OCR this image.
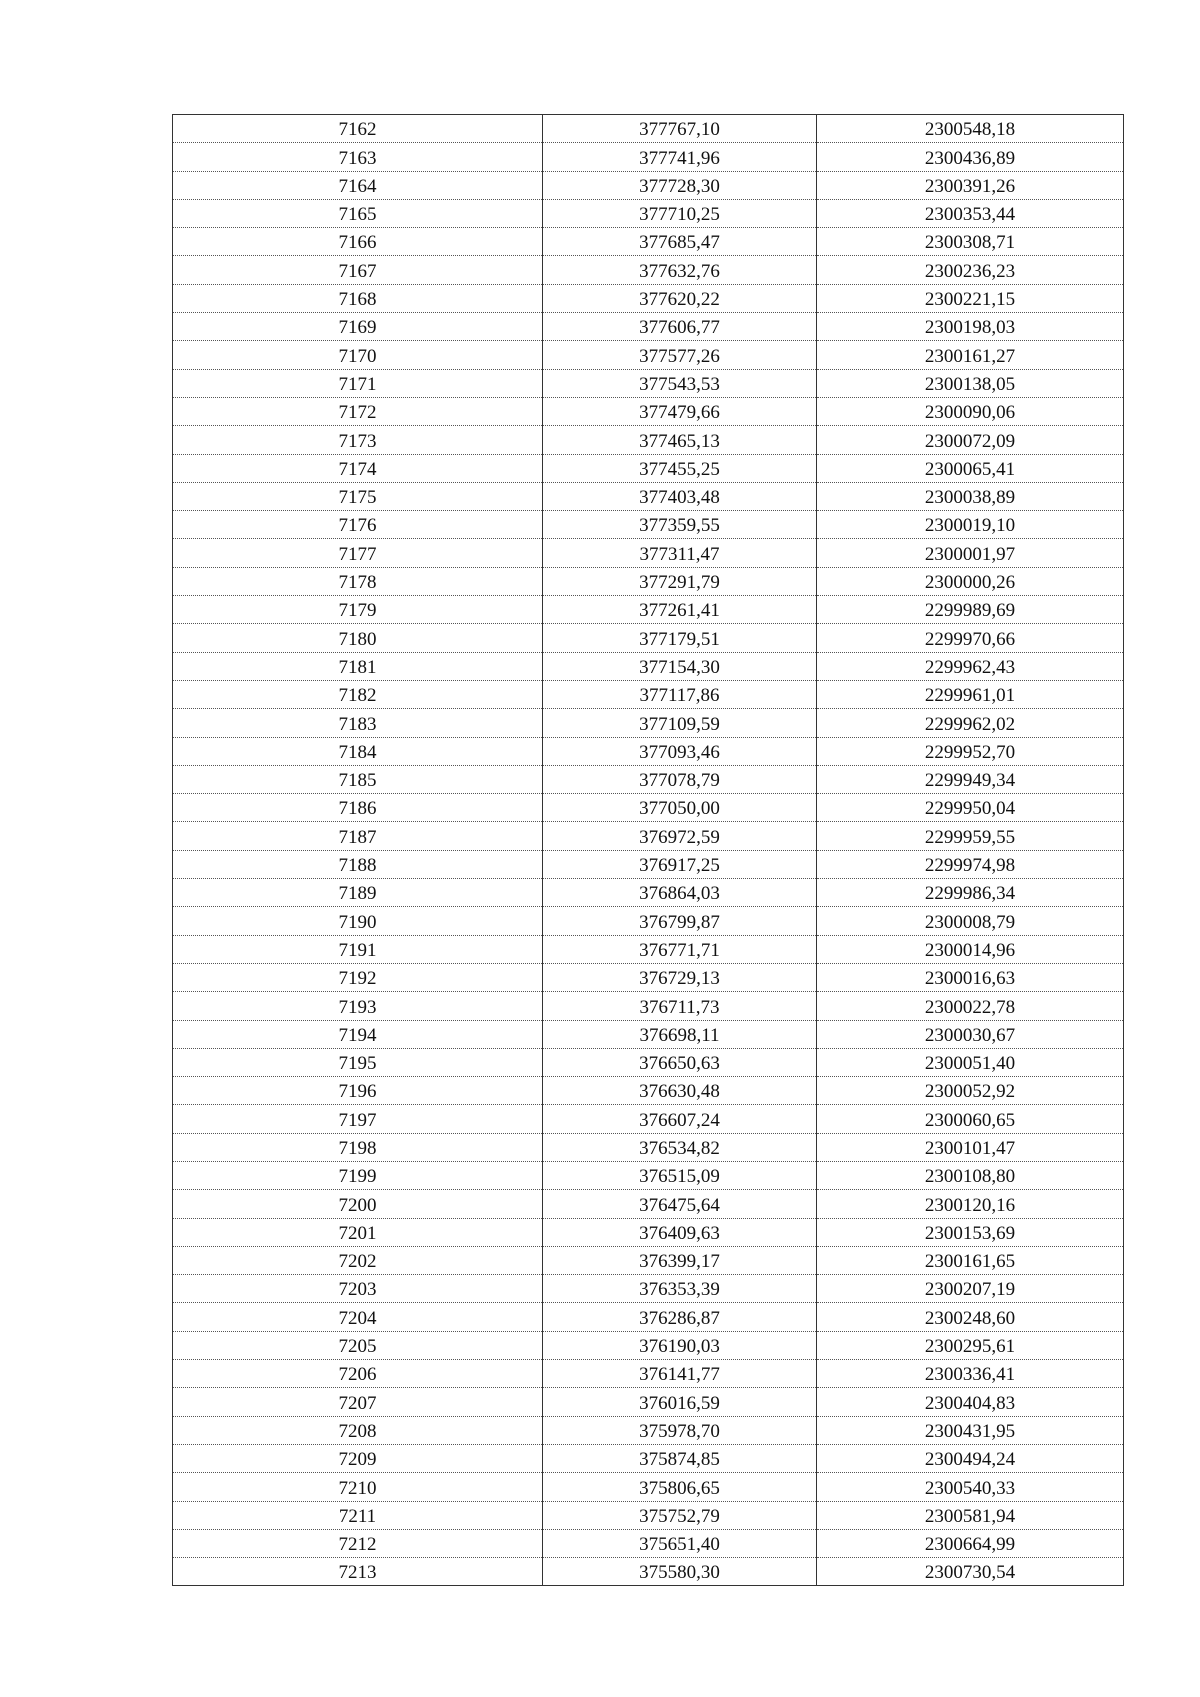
7162	377767,10	2300548,18
7163	377741,96	2300436,89
7164	377728,30	2300391,26
7165	377710,25	2300353,44
7166	377685,47	2300308,71
7167	377632,76	2300236,23
7168	377620,22	2300221,15
7169	377606,77	2300198,03
7170	377577,26	2300161,27
7171	377543,53	2300138,05
7172	377479,66	2300090,06
7173	377465,13	2300072,09
7174	377455,25	2300065,41
7175	377403,48	2300038,89
7176	377359,55	2300019,10
7177	377311,47	2300001,97
7178	377291,79	2300000,26
7179	377261,41	2299989,69
7180	377179,51	2299970,66
7181	377154,30	2299962,43
7182	377117,86	2299961,01
7183	377109,59	2299962,02
7184	377093,46	2299952,70
7185	377078,79	2299949,34
7186	377050,00	2299950,04
7187	376972,59	2299959,55
7188	376917,25	2299974,98
7189	376864,03	2299986,34
7190	376799,87	2300008,79
7191	376771,71	2300014,96
7192	376729,13	2300016,63
7193	376711,73	2300022,78
7194	376698,11	2300030,67
7195	376650,63	2300051,40
7196	376630,48	2300052,92
7197	376607,24	2300060,65
7198	376534,82	2300101,47
7199	376515,09	2300108,80
7200	376475,64	2300120,16
7201	376409,63	2300153,69
7202	376399,17	2300161,65
7203	376353,39	2300207,19
7204	376286,87	2300248,60
7205	376190,03	2300295,61
7206	376141,77	2300336,41
7207	376016,59	2300404,83
7208	375978,70	2300431,95
7209	375874,85	2300494,24
7210	375806,65	2300540,33
7211	375752,79	2300581,94
7212	375651,40	2300664,99
7213	375580,30	2300730,54
